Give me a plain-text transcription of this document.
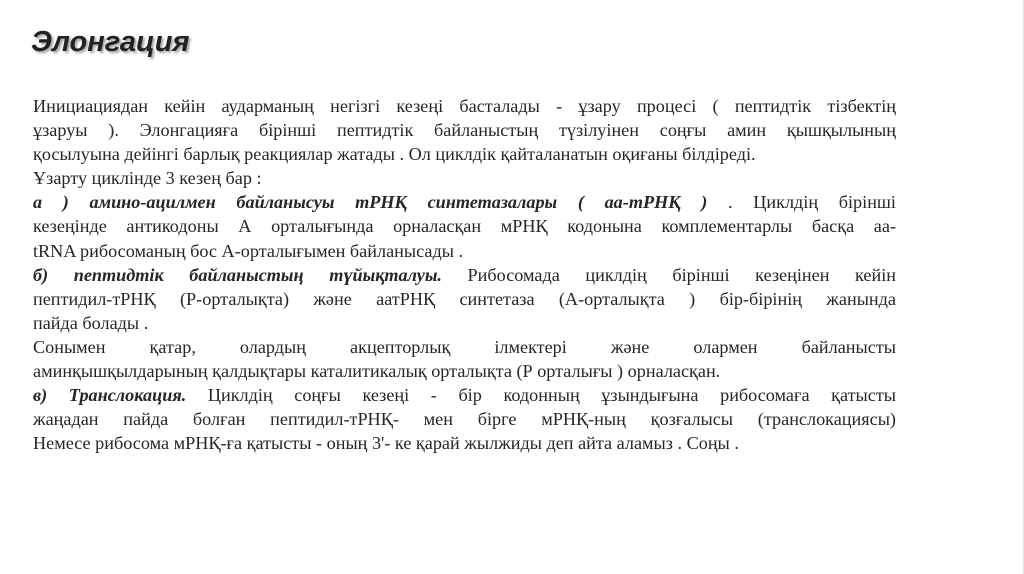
Элонгация
Инициациядан кейін аударманың негізгі кезеңі басталады - ұзару процесі ( пептидтік тізбектің
ұзаруы ). Элонгацияға бірінші пептидтік байланыстың түзілуінен соңғы амин қышқылының
қосылуына дейінгі барлық реакциялар жатады . Ол циклдік қайталанатын оқиғаны білдіреді.
Ұзарту циклінде 3 кезең бар :
а ) амино-ацилмен байланысуы тРНҚ синтетазалары ( аа-тРНҚ ) . Циклдің бірінші
кезеңінде антикодоны А орталығында орналасқан мРНҚ кодонына комплементарлы басқа аа-
tRNA рибосоманың бос А-орталығымен байланысады .
б) пептидтік байланыстың түйықталуы. Рибосомада циклдің бірінші кезеңінен кейін
пептидил-тРНҚ (Р-орталықта) және аатРНҚ синтетаза (А-орталықта ) бір-бірінің жанында
пайда болады .
Сонымен қатар, олардың акцепторлық ілмектері және олармен байланысты
аминқышқылдарының қалдықтары каталитикалық орталықта (Р орталығы ) орналасқан.
в) Транслокация. Циклдің соңғы кезеңі - бір кодонның ұзындығына рибосомаға қатысты
жаңадан пайда болған пептидил-тРНҚ- мен бірге мРНҚ-ның қозғалысы (транслокациясы)
Немесе рибосома мРНҚ-ға қатысты - оның 3'- ке қарай жылжиды деп айта аламыз . Соңы .
